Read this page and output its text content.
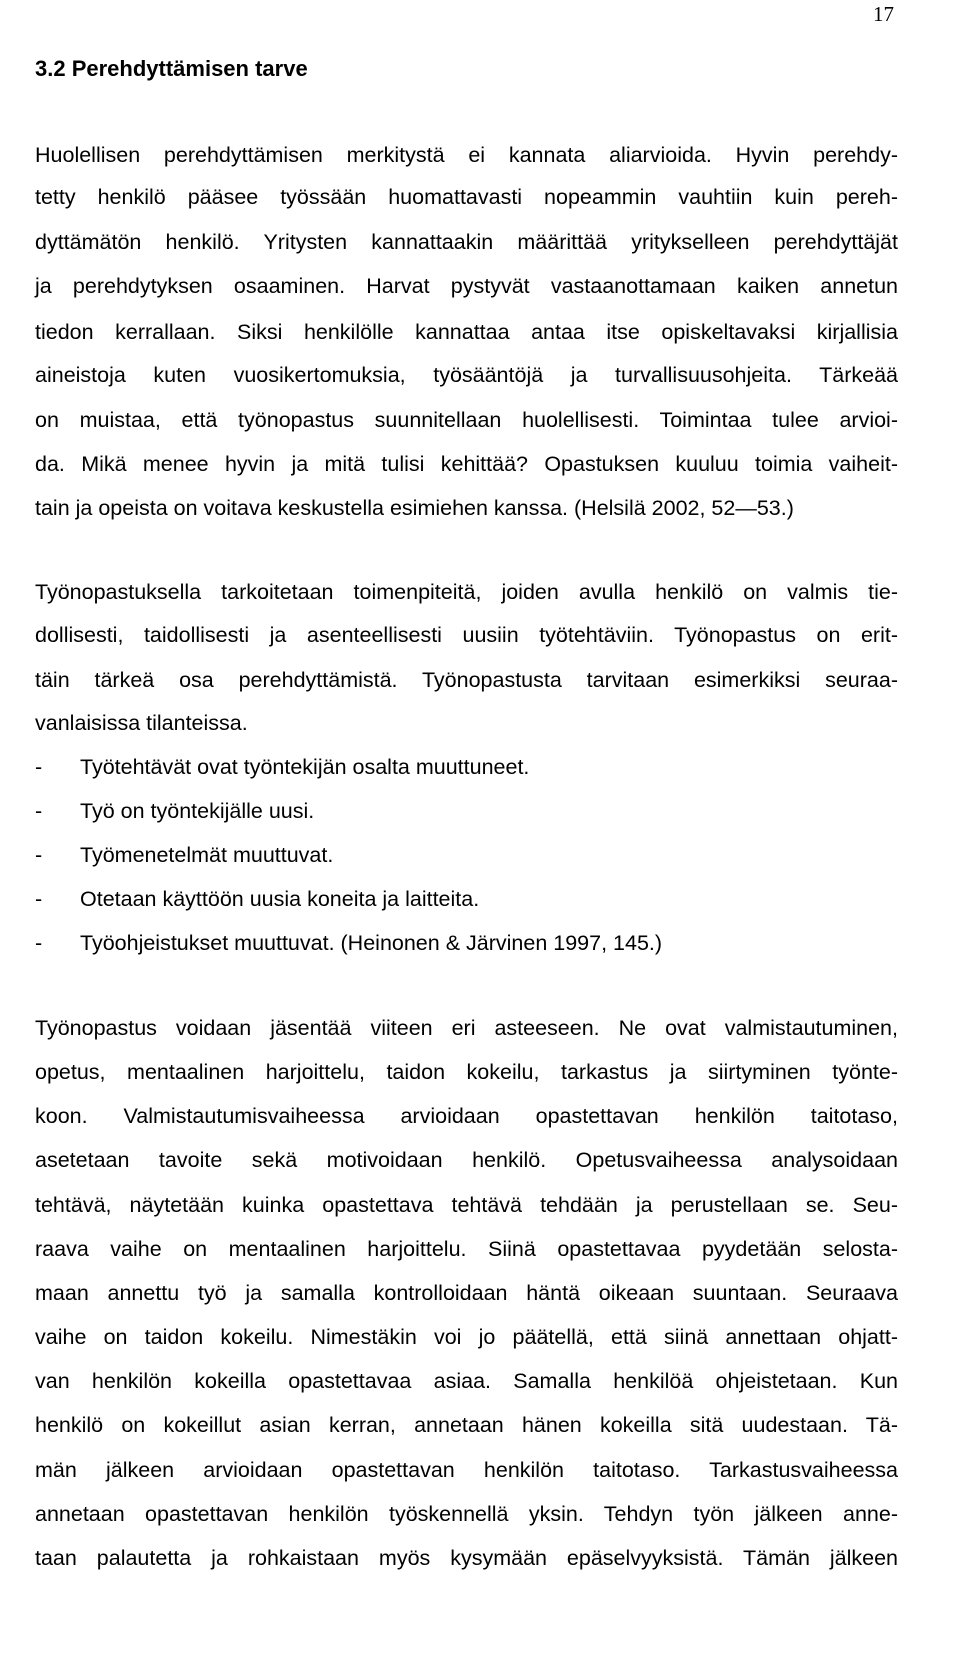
17
3.2 Perehdyttämisen tarve

Huolellisen perehdyttämisen merkitystä ei kannata aliarvioida. Hyvin perehdy-

tetty henkilö pääsee työssään huomattavasti nopeammin vauhtiin kuin pereh-

dyttämätön henkilö. Yritysten kannattaakin määrittää yritykselleen perehdyttäjät

ja perehdytyksen osaaminen. Harvat pystyvät vastaanottamaan kaiken annetun

tiedon kerrallaan. Siksi henkilölle kannattaa antaa itse opiskeltavaksi kirjallisia

aineistoja kuten vuosikertomuksia, työsääntöjä ja turvallisuusohjeita. Tärkeää

on muistaa, että työnopastus suunnitellaan huolellisesti. Toimintaa tulee arvioi-

da. Mikä menee hyvin ja mitä tulisi kehittää? Opastuksen kuuluu toimia vaiheit-

tain ja opeista on voitava keskustella esimiehen kanssa. (Helsilä 2002, 52—53.)

Työnopastuksella tarkoitetaan toimenpiteitä, joiden avulla henkilö on valmis tie-

dollisesti, taidollisesti ja asenteellisesti uusiin työtehtäviin. Työnopastus on erit-

täin tärkeä osa perehdyttämistä. Työnopastusta tarvitaan esimerkiksi seuraa-

vanlaisissa tilanteissa.

- Työtehtävät ovat työntekijän osalta muuttuneet.
- Työ on työntekijälle uusi.
- Työmenetelmät muuttuvat.
- Otetaan käyttöön uusia koneita ja laitteita.
- Työohjeistukset muuttuvat. (Heinonen & Järvinen 1997, 145.)

Työnopastus voidaan jäsentää viiteen eri asteeseen. Ne ovat valmistautuminen,

opetus, mentaalinen harjoittelu, taidon kokeilu, tarkastus ja siirtyminen työnte-

koon. Valmistautumisvaiheessa arvioidaan opastettavan henkilön taitotaso,

asetetaan tavoite sekä motivoidaan henkilö. Opetusvaiheessa analysoidaan

tehtävä, näytetään kuinka opastettava tehtävä tehdään ja perustellaan se. Seu-

raava vaihe on mentaalinen harjoittelu. Siinä opastettavaa pyydetään selosta-

maan annettu työ ja samalla kontrolloidaan häntä oikeaan suuntaan. Seuraava

vaihe on taidon kokeilu. Nimestäkin voi jo päätellä, että siinä annettaan ohjatt-

van henkilön kokeilla opastettavaa asiaa. Samalla henkilöä ohjeistetaan. Kun

henkilö on kokeillut asian kerran, annetaan hänen kokeilla sitä uudestaan. Tä-

män jälkeen arvioidaan opastettavan henkilön taitotaso. Tarkastusvaiheessa

annetaan opastettavan henkilön työskennellä yksin. Tehdyn työn jälkeen anne-

taan palautetta ja rohkaistaan myös kysymään epäselvyyksistä. Tämän jälkeen
